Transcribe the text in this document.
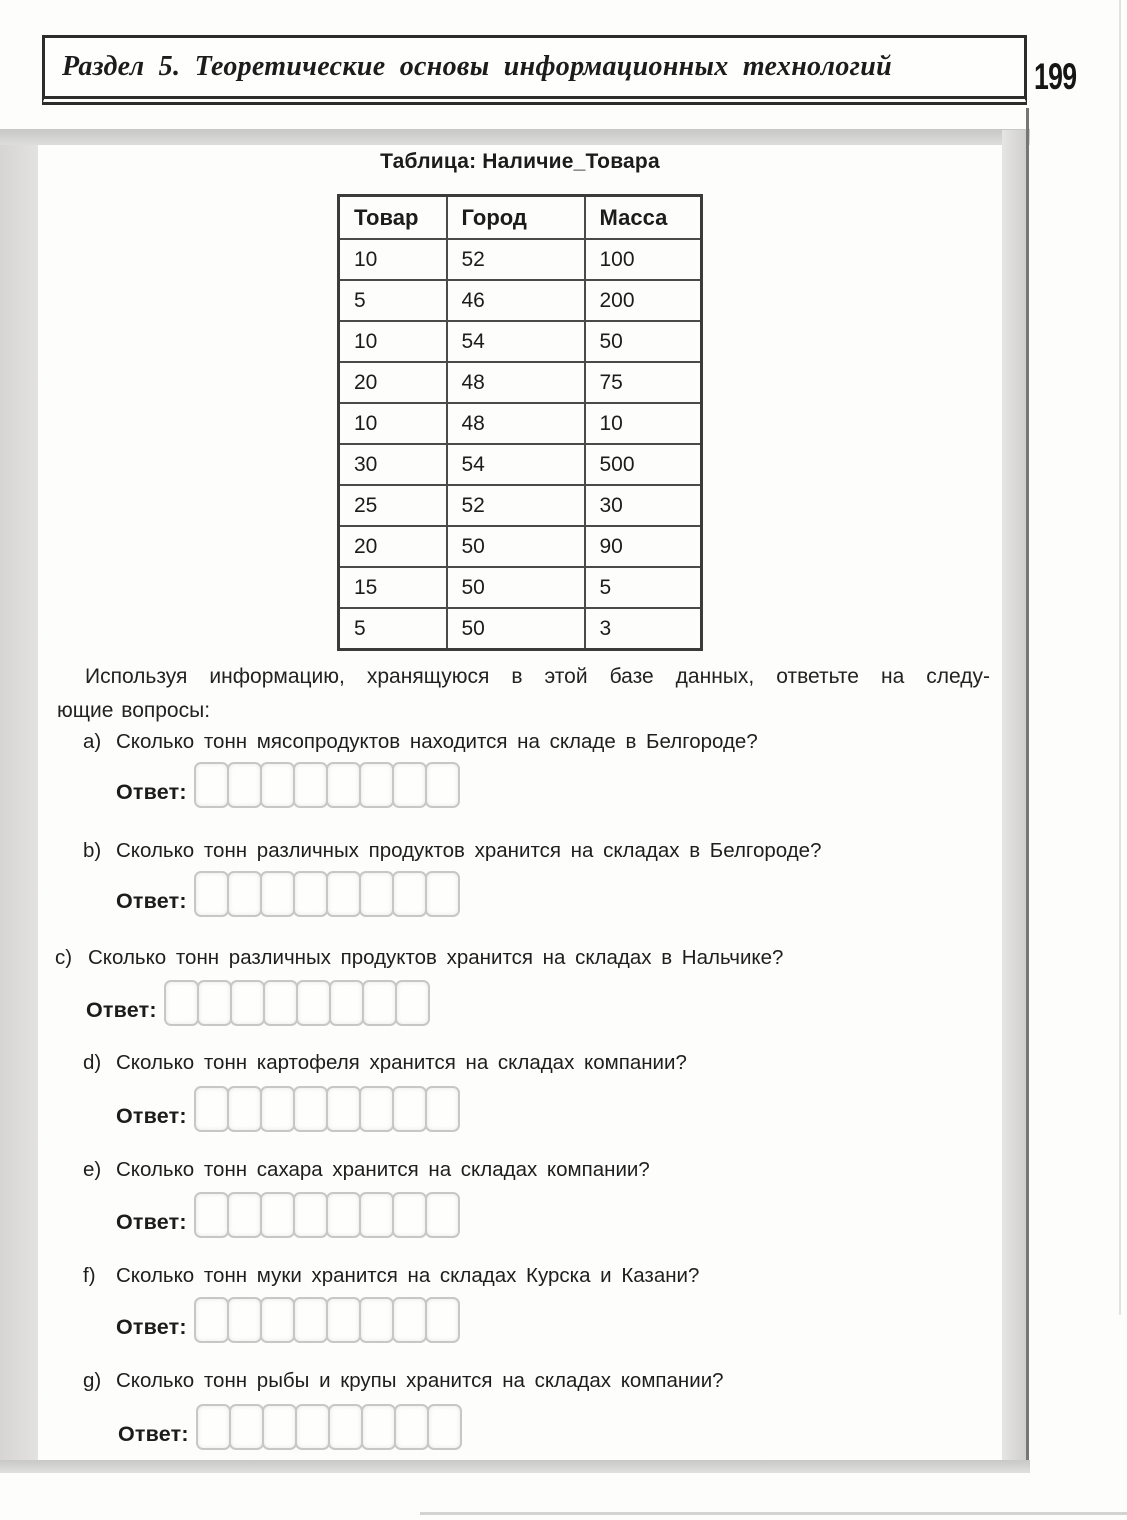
Раздел 5. Теоретические основы информационных технологий	199
Таблица: Наличие_Товара
Товар	Город	Масса
10	52	100
5	46	200
10	54	50
20	48	75
10	48	10
30	54	500
25	52	30
20	50	90
15	50	5
5	50	3
Используя информацию, хранящуюся в этой базе данных, ответьте на следу-
ющие вопросы:
a) Сколько тонн мясопродуктов находится на складе в Белгороде?
Ответ:
b) Сколько тонн различных продуктов хранится на складах в Белгороде?
Ответ:
c) Сколько тонн различных продуктов хранится на складах в Нальчике?
Ответ:
d) Сколько тонн картофеля хранится на складах компании?
Ответ:
e) Сколько тонн сахара хранится на складах компании?
Ответ:
f) Сколько тонн муки хранится на складах Курска и Казани?
Ответ:
g) Сколько тонн рыбы и крупы хранится на складах компании?
Ответ:
